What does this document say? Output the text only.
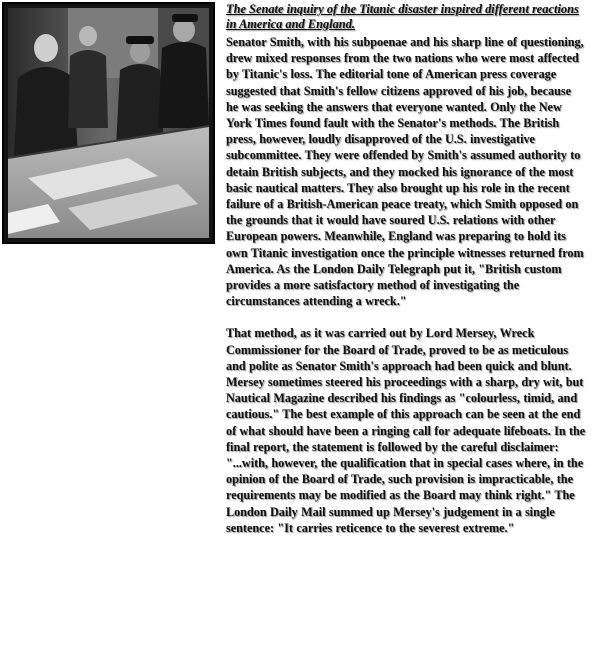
The Senate inquiry of the Titanic disaster inspired different reactions in America and England.

Senator Smith, with his subpoenae and his sharp line of questioning, drew mixed responses from the two nations who were most affected by Titanic's loss. The editorial tone of American press coverage suggested that Smith's fellow citizens approved of his job, because he was seeking the answers that everyone wanted. Only the New York Times found fault with the Senator's methods. The British press, however, loudly disapproved of the U.S. investigative subcommittee. They were offended by Smith's assumed authority to detain British subjects, and they mocked his ignorance of the most basic nautical matters. They also brought up his role in the recent failure of a British-American peace treaty, which Smith opposed on the grounds that it would have soured U.S. relations with other European powers. Meanwhile, England was preparing to hold its own Titanic investigation once the principle witnesses returned from America. As the London Daily Telegraph put it, "British custom provides a more satisfactory method of investigating the circumstances attending a wreck."

That method, as it was carried out by Lord Mersey, Wreck Commissioner for the Board of Trade, proved to be as meticulous and polite as Senator Smith's approach had been quick and blunt. Mersey sometimes steered his proceedings with a sharp, dry wit, but Nautical Magazine described his findings as "colourless, timid, and cautious." The best example of this approach can be seen at the end of what should have been a ringing call for adequate lifeboats. In the final report, the statement is followed by the careful disclaimer: "...with, however, the qualification that in special cases where, in the opinion of the Board of Trade, such provision is impracticable, the requirements may be modified as the Board may think right." The London Daily Mail summed up Mersey's judgement in a single sentence: "It carries reticence to the severest extreme."
